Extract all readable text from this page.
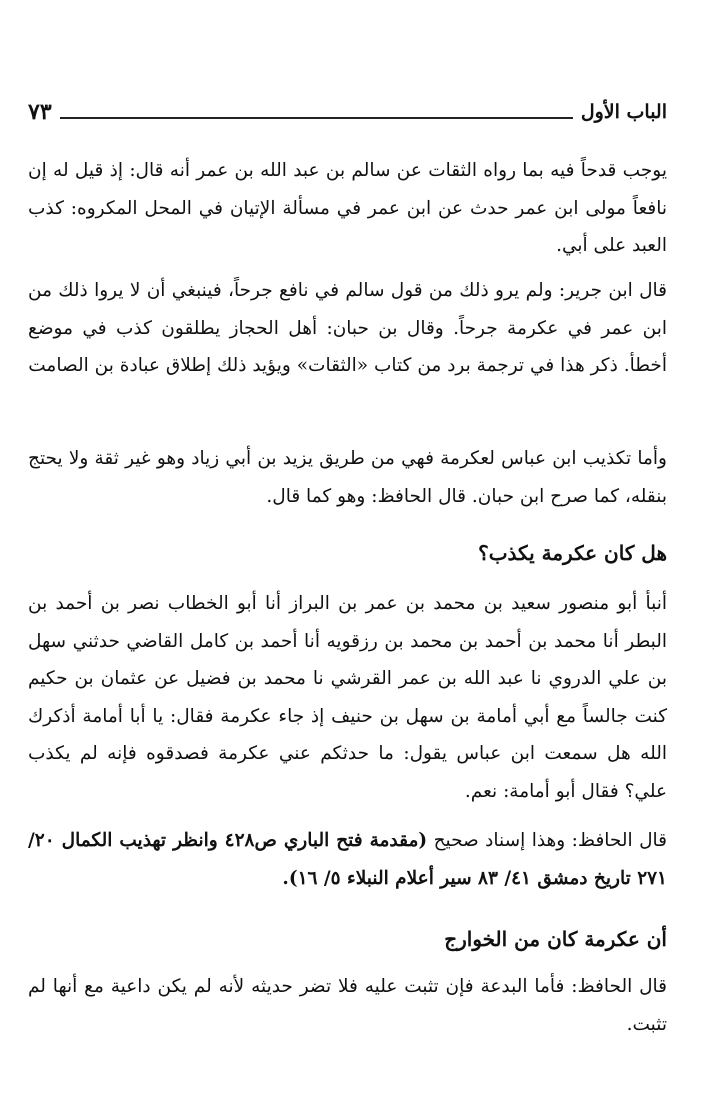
الباب الأول
٧٣

يوجب قدحاً فيه بما رواه الثقات عن سالم بن عبد الله بن عمر أنه قال: إذ قيل له إن نافعاً مولى ابن عمر حدث عن ابن عمر في مسألة الإتيان في المحل المكروه: كذب العبد على أبي.

قال ابن جرير: ولم يرو ذلك من قول سالم في نافع جرحاً، فينبغي أن لا يروا ذلك من ابن عمر في عكرمة جرحاً. وقال بن حبان: أهل الحجاز يطلقون كذب في موضع أخطأ. ذكر هذا في ترجمة برد من كتاب «الثقات» ويؤيد ذلك إطلاق عبادة بن الصامت

وأما تكذيب ابن عباس لعكرمة فهي من طريق يزيد بن أبي زياد وهو غير ثقة ولا يحتج بنقله، كما صرح ابن حبان. قال الحافظ: وهو كما قال.

هل كان عكرمة يكذب؟

أنبأ أبو منصور سعيد بن محمد بن عمر بن البراز أنا أبو الخطاب نصر بن أحمد بن البطر أنا محمد بن أحمد بن محمد بن رزقويه أنا أحمد بن كامل القاضي حدثني سهل بن علي الدروي نا عبد الله بن عمر القرشي نا محمد بن فضيل عن عثمان بن حكيم كنت جالساً مع أبي أمامة بن سهل بن حنيف إذ جاء عكرمة فقال: يا أبا أمامة أذكرك الله هل سمعت ابن عباس يقول: ما حدثكم عني عكرمة فصدقوه فإنه لم يكذب علي؟ فقال أبو أمامة: نعم.

قال الحافظ: وهذا إسناد صحيح (مقدمة فتح الباري ص٤٢٨ وانظر تهذيب الكمال ٢٠/ ٢٧١ تاريخ دمشق ٤١/ ٨٣ سير أعلام النبلاء ٥/ ١٦).

أن عكرمة كان من الخوارج

قال الحافظ: فأما البدعة فإن تثبت عليه فلا تضر حديثه لأنه لم يكن داعية مع أنها لم تثبت.
